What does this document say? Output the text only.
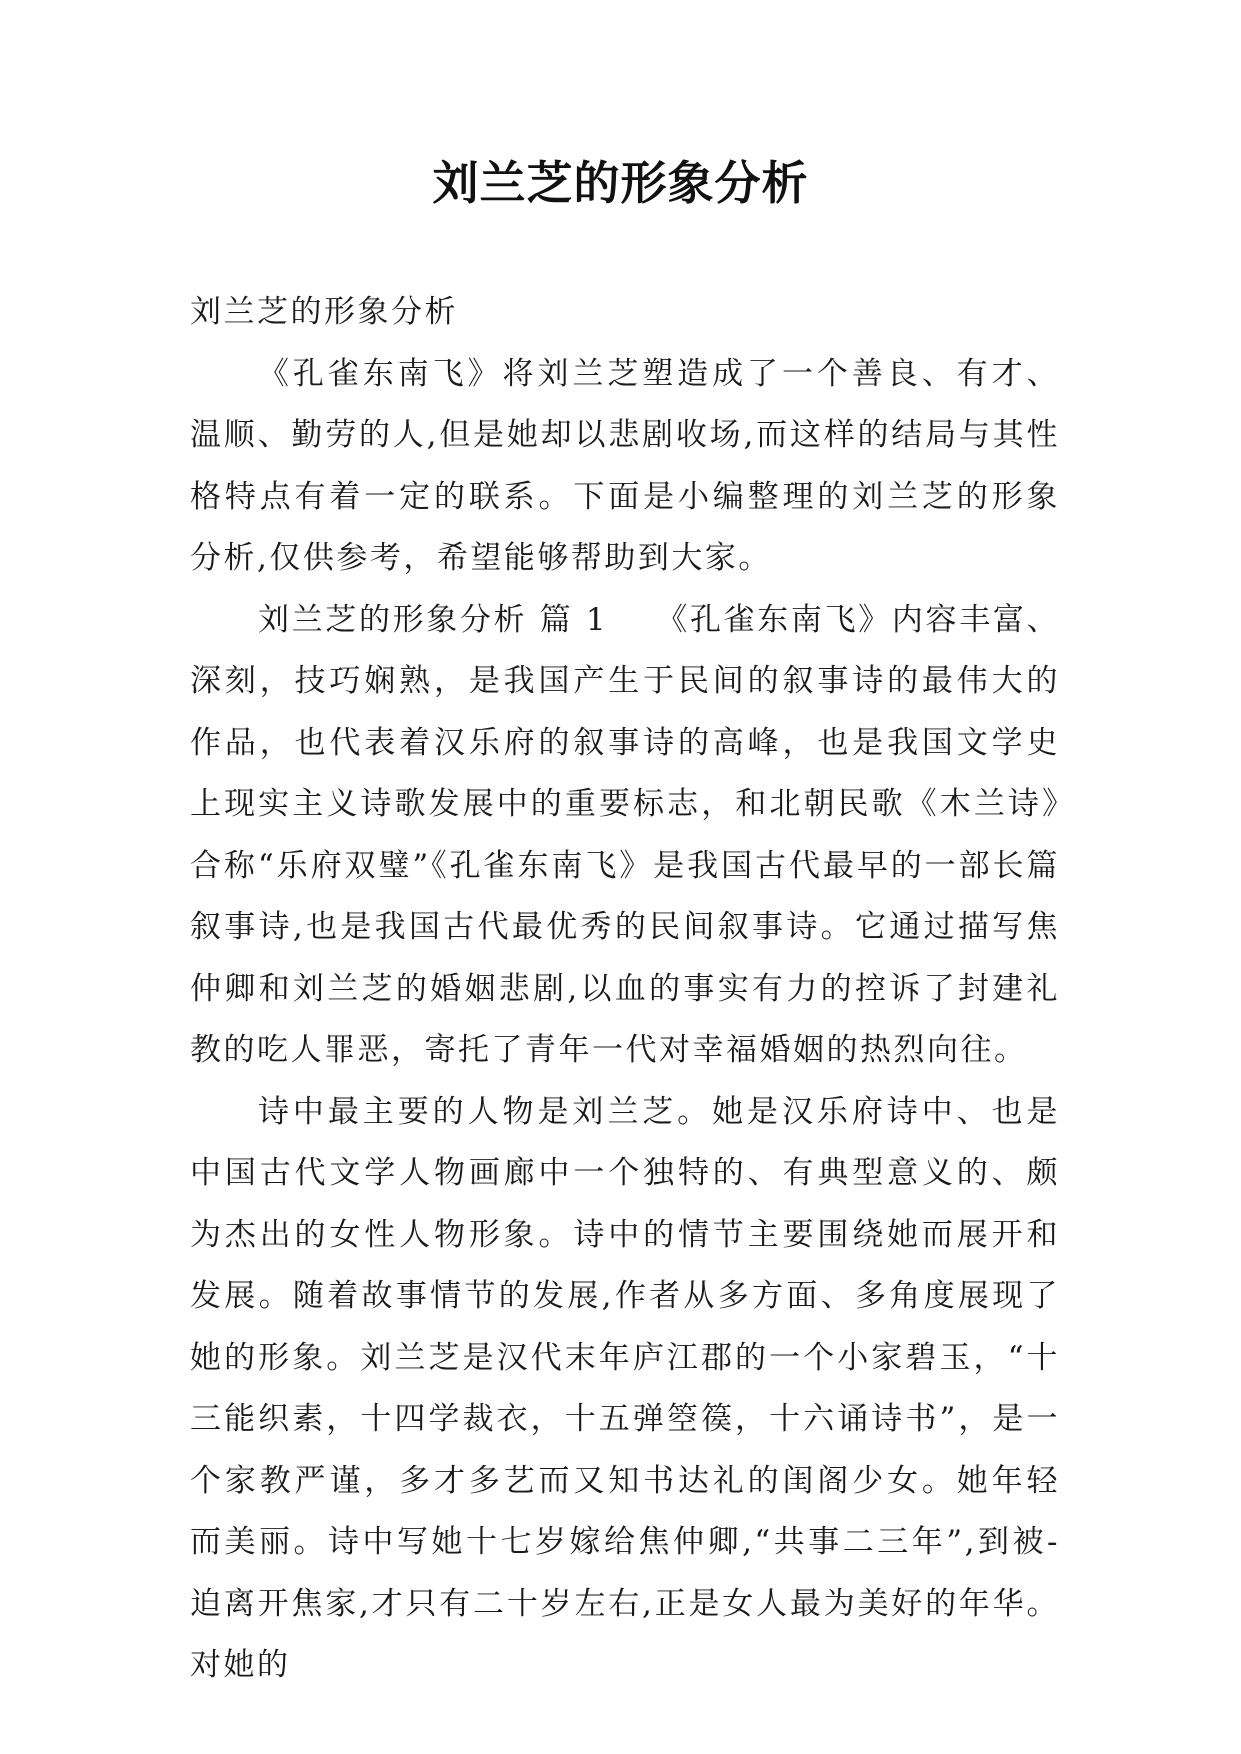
刘兰芝的形象分析

刘兰芝的形象分析

《孔雀东南飞》将刘兰芝塑造成了一个善良、有才、温顺、勤劳的人,但是她却以悲剧收场,而这样的结局与其性格特点有着一定的联系。下面是小编整理的刘兰芝的形象分析,仅供参考，希望能够帮助到大家。

刘兰芝的形象分析 篇 1 《孔雀东南飞》内容丰富、深刻，技巧娴熟，是我国产生于民间的叙事诗的最伟大的作品，也代表着汉乐府的叙事诗的高峰，也是我国文学史上现实主义诗歌发展中的重要标志，和北朝民歌《木兰诗》合称“乐府双璧”《孔雀东南飞》是我国古代最早的一部长篇叙事诗,也是我国古代最优秀的民间叙事诗。它通过描写焦仲卿和刘兰芝的婚姻悲剧,以血的事实有力的控诉了封建礼教的吃人罪恶，寄托了青年一代对幸福婚姻的热烈向往。

诗中最主要的人物是刘兰芝。她是汉乐府诗中、也是中国古代文学人物画廊中一个独特的、有典型意义的、颇为杰出的女性人物形象。诗中的情节主要围绕她而展开和发展。随着故事情节的发展,作者从多方面、多角度展现了她的形象。刘兰芝是汉代末年庐江郡的一个小家碧玉，“十三能织素，十四学裁衣，十五弹箜篌，十六诵诗书”，是一个家教严谨，多才多艺而又知书达礼的闺阁少女。她年轻而美丽。诗中写她十七岁嫁给焦仲卿,“共事二三年”,到被-迫离开焦家,才只有二十岁左右,正是女人最为美好的年华。对她的
